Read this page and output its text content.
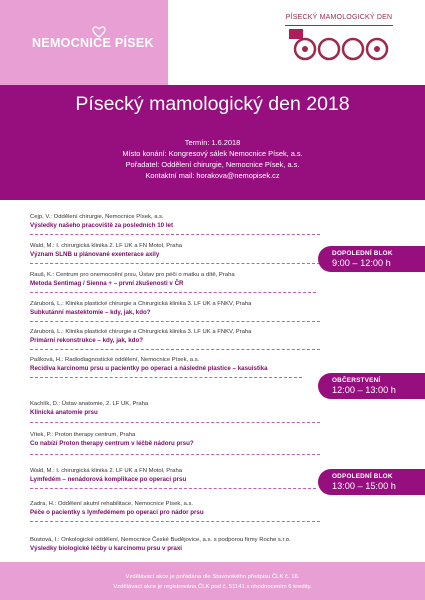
NEMOCNICE PÍSEK
PÍSECKÝ MAMOLOGICKÝ DEN
Písecký mamologický den 2018
Termín: 1.6.2018
Místo konání: Kongresový sálek Nemocnice Písek, a.s.
Pořadatel: Oddělení chirurgie, Nemocnice Písek, a.s.
Kontaktní mail: horakova@nemopisek.cz
Cejp, V.: Oddělení chirurgie, Nemocnice Písek, a.s.
Výsledky našeho pracoviště za posledních 10 let
Wald, M.: I. chirurgická klinika 2. LF UK a FN Motol, Praha
Význam SLNB u plánované exenterace axily
Rauš, K.: Centrum pro onemocnění prsu, Ústav pro péči o matku a dítě, Praha
Metoda Sentimag / Sienna + – první zkušenosti v ČR
Záruborá, L.: Klinika plastické chirurgie a Chirurgická klinika 3. LF UK a FNKV, Praha
Subkutánní mastektomie – kdy, jak, kdo?
Záruborá, L.: Klinika plastické chirurgie a Chirurgická klinika 3. LF UK a FNKV, Praha
Primární rekonstrukce – kdy, jak, kdo?
Pašková, H.: Radiodiagnostické oddělení, Nemocnice Písek, a.s.
Recidiva karcinomu prsu u pacientky po operaci a následné plastice – kasuistika
Kachlík, D.: Ústav anatomie, 2. LF UK, Praha
Klinická anatomie prsu
Vítek, P.: Proton therapy centrum, Praha
Co nabízí Proton therapy centrum v léčbě nádoru prsu?
Wald, M.: I. chirurgická klinika 2. LF UK a FN Motol, Praha
Lymfedém – nenádorová komplikace po operaci prsu
Zadra, H.: Oddělení akutní rehabilitace, Nemocnice Písek, a.s.
Péče o pacientky s lymfedémem po operaci pro nádor prsu
Bustová, I.: Onkologické oddělení, Nemocnice České Budějovice, a.s. s podporou firmy Roche s.r.o.
Výsledky biologické léčby u karcinomu prsu v praxi
DOPOLEDNÍ BLOK
9:00 – 12:00 h
OBČERSTVENÍ
12:00 – 13:00 h
ODPOLEDNÍ BLOK
13:00 – 15:00 h
Vzdělávací akce je pořádána dle Stavovského předpisu ČLK č. 16.
Vzdělávací akce je registrována ČLK pod č. 51141 s ohodnocením 6 kredity.
